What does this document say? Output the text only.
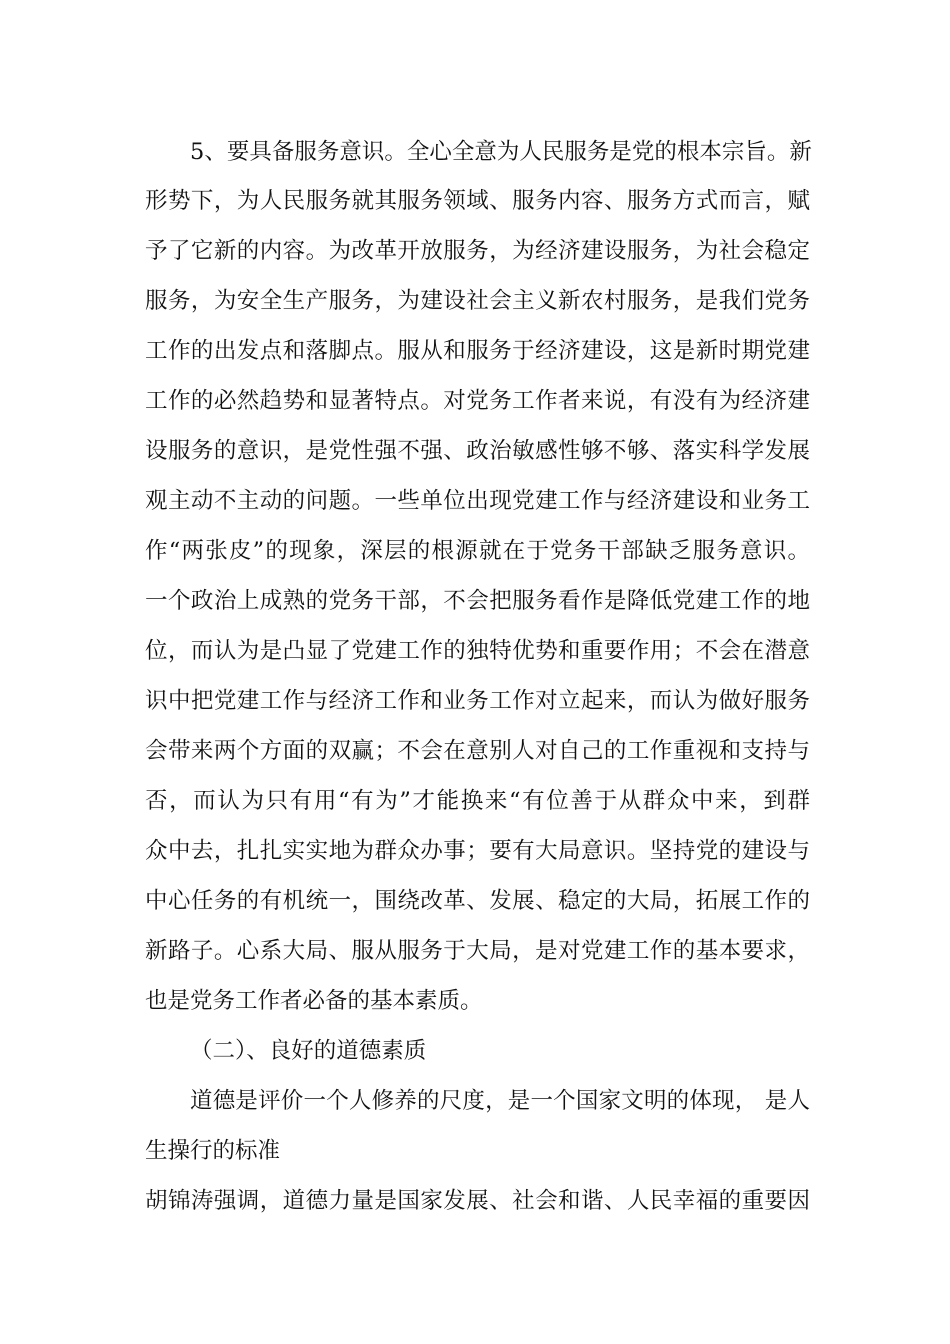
5、要具备服务意识。全心全意为人民服务是党的根本宗旨。新
形势下，为人民服务就其服务领域、服务内容、服务方式而言，赋
予了它新的内容。为改革开放服务，为经济建设服务，为社会稳定
服务，为安全生产服务，为建设社会主义新农村服务，是我们党务
工作的出发点和落脚点。服从和服务于经济建设，这是新时期党建
工作的必然趋势和显著特点。对党务工作者来说，有没有为经济建
设服务的意识，是党性强不强、政治敏感性够不够、落实科学发展
观主动不主动的问题。一些单位出现党建工作与经济建设和业务工
作“两张皮”的现象，深层的根源就在于党务干部缺乏服务意识。
一个政治上成熟的党务干部，不会把服务看作是降低党建工作的地
位，而认为是凸显了党建工作的独特优势和重要作用；不会在潜意
识中把党建工作与经济工作和业务工作对立起来，而认为做好服务
会带来两个方面的双赢；不会在意别人对自己的工作重视和支持与
否，而认为只有用“有为”才能换来“有位善于从群众中来，到群
众中去，扎扎实实地为群众办事；要有大局意识。坚持党的建设与
中心任务的有机统一，围绕改革、发展、稳定的大局，拓展工作的
新路子。心系大局、服从服务于大局，是对党建工作的基本要求，
也是党务工作者必备的基本素质。
（二）、良好的道德素质
道德是评价一个人修养的尺度，是一个国家文明的体现， 是人
生操行的标准
胡锦涛强调，道德力量是国家发展、社会和谐、人民幸福的重要因
